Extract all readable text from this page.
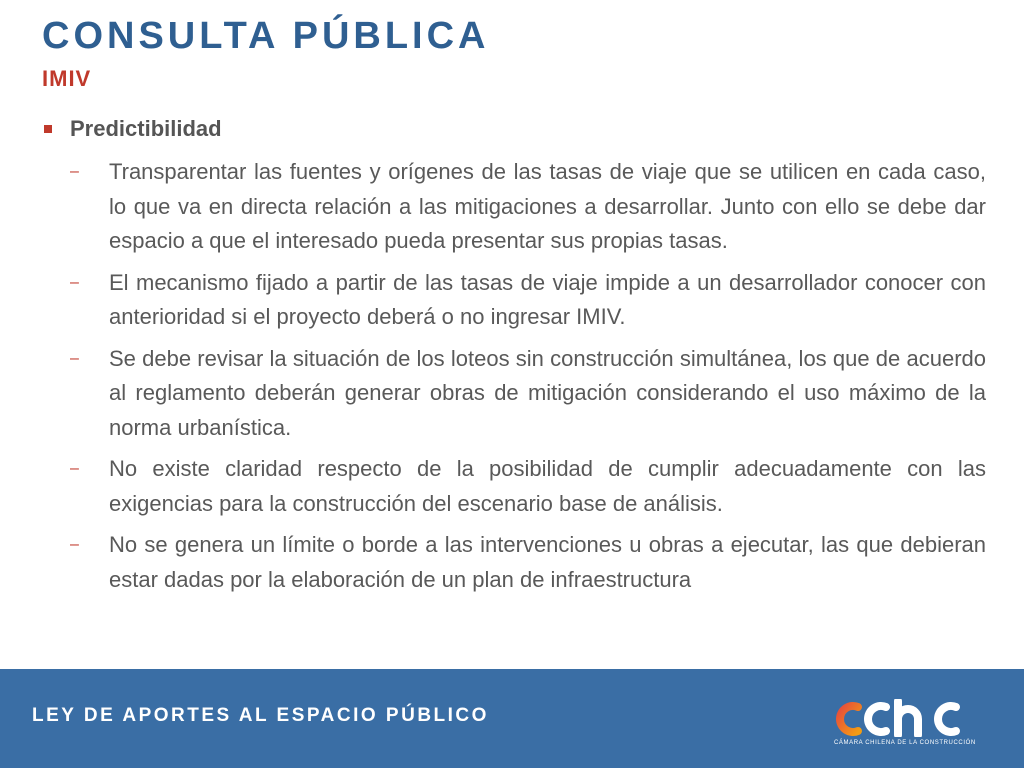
CONSULTA PÚBLICA
IMIV
Predictibilidad
– Transparentar las fuentes y orígenes de las tasas de viaje que se utilicen en cada caso, lo que va en directa relación a las mitigaciones a desarrollar. Junto con ello se debe dar espacio a que el interesado pueda presentar sus propias tasas.
– El mecanismo fijado a partir de las tasas de viaje impide a un desarrollador conocer con anterioridad si el proyecto deberá o no ingresar IMIV.
– Se debe revisar la situación de los loteos sin construcción simultánea, los que de acuerdo al reglamento deberán generar obras de mitigación considerando el uso máximo de la norma urbanística.
– No existe claridad respecto de la posibilidad de cumplir adecuadamente con las exigencias para la construcción del escenario base de análisis.
– No se genera un límite o borde a las intervenciones u obras a ejecutar, las que debieran estar dadas por la elaboración de un plan de infraestructura
LEY DE APORTES AL ESPACIO PÚBLICO
CÁMARA CHILENA DE LA CONSTRUCCIÓN
